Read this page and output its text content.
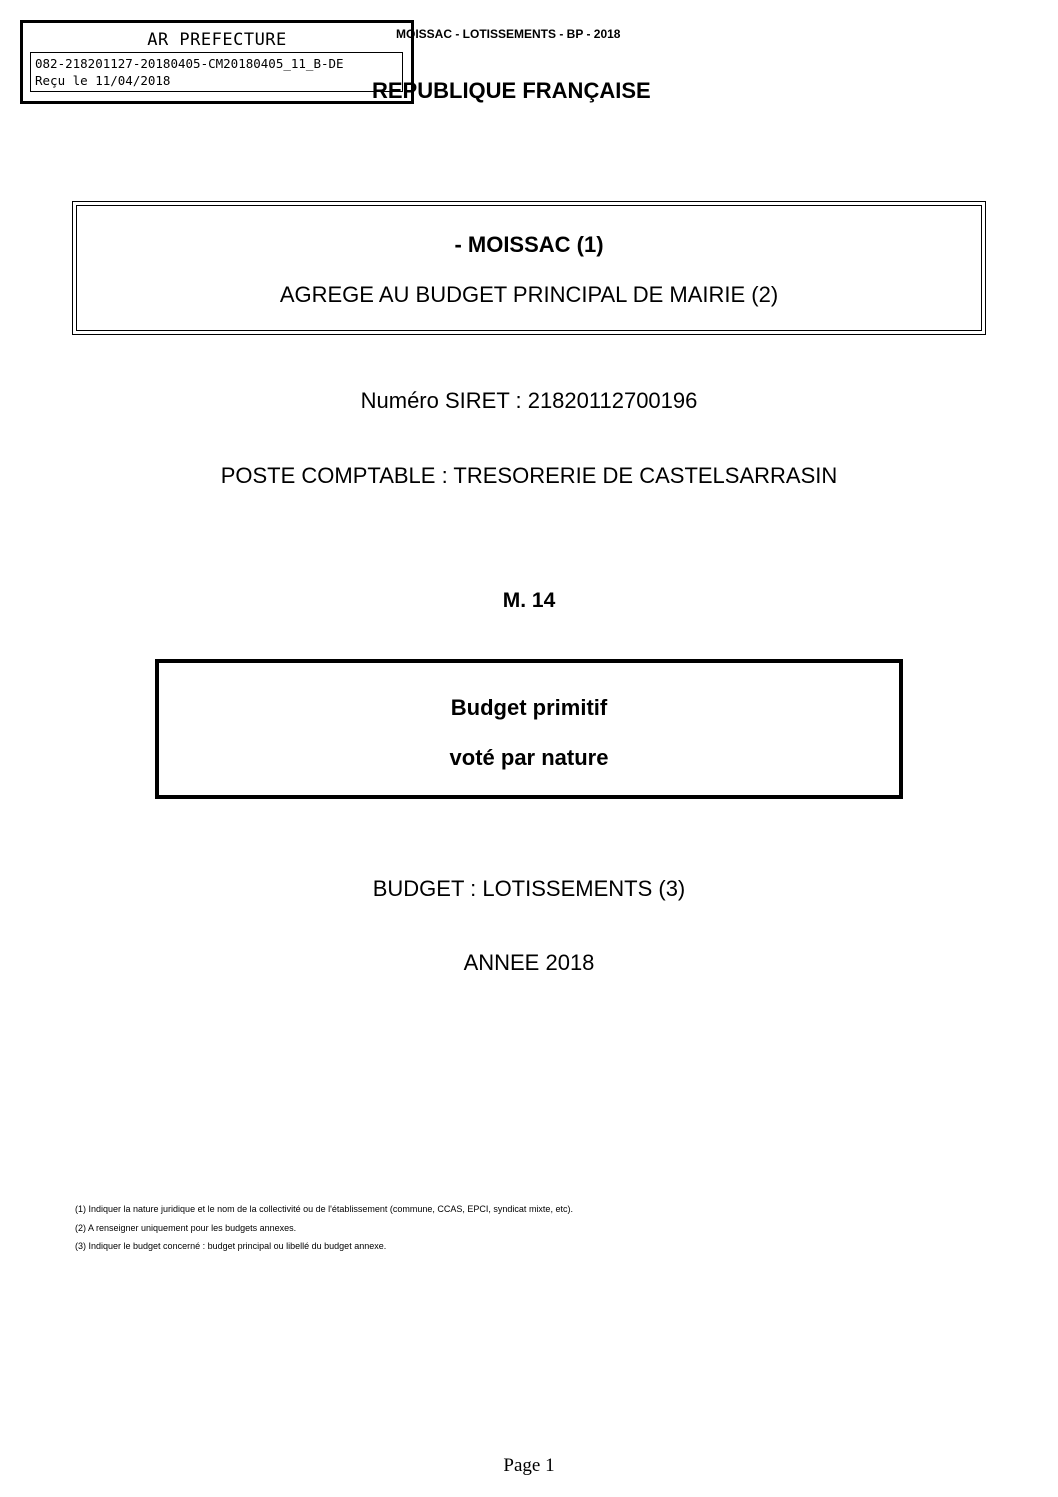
AR PREFECTURE
082-218201127-20180405-CM20180405_11_B-DE
Reçu le 11/04/2018
MOISSAC - LOTISSEMENTS - BP - 2018
REPUBLIQUE FRANÇAISE
- MOISSAC (1)
AGREGE AU BUDGET PRINCIPAL DE MAIRIE (2)
Numéro SIRET : 21820112700196
POSTE COMPTABLE : TRESORERIE DE CASTELSARRASIN
M. 14
Budget primitif
voté par nature
BUDGET : LOTISSEMENTS (3)
ANNEE 2018
(1) Indiquer la nature juridique et le nom de la collectivité ou de l'établissement (commune, CCAS, EPCI, syndicat mixte, etc).
(2) A renseigner uniquement pour les budgets annexes.
(3) Indiquer le budget concerné : budget principal ou libellé du budget annexe.
Page 1
